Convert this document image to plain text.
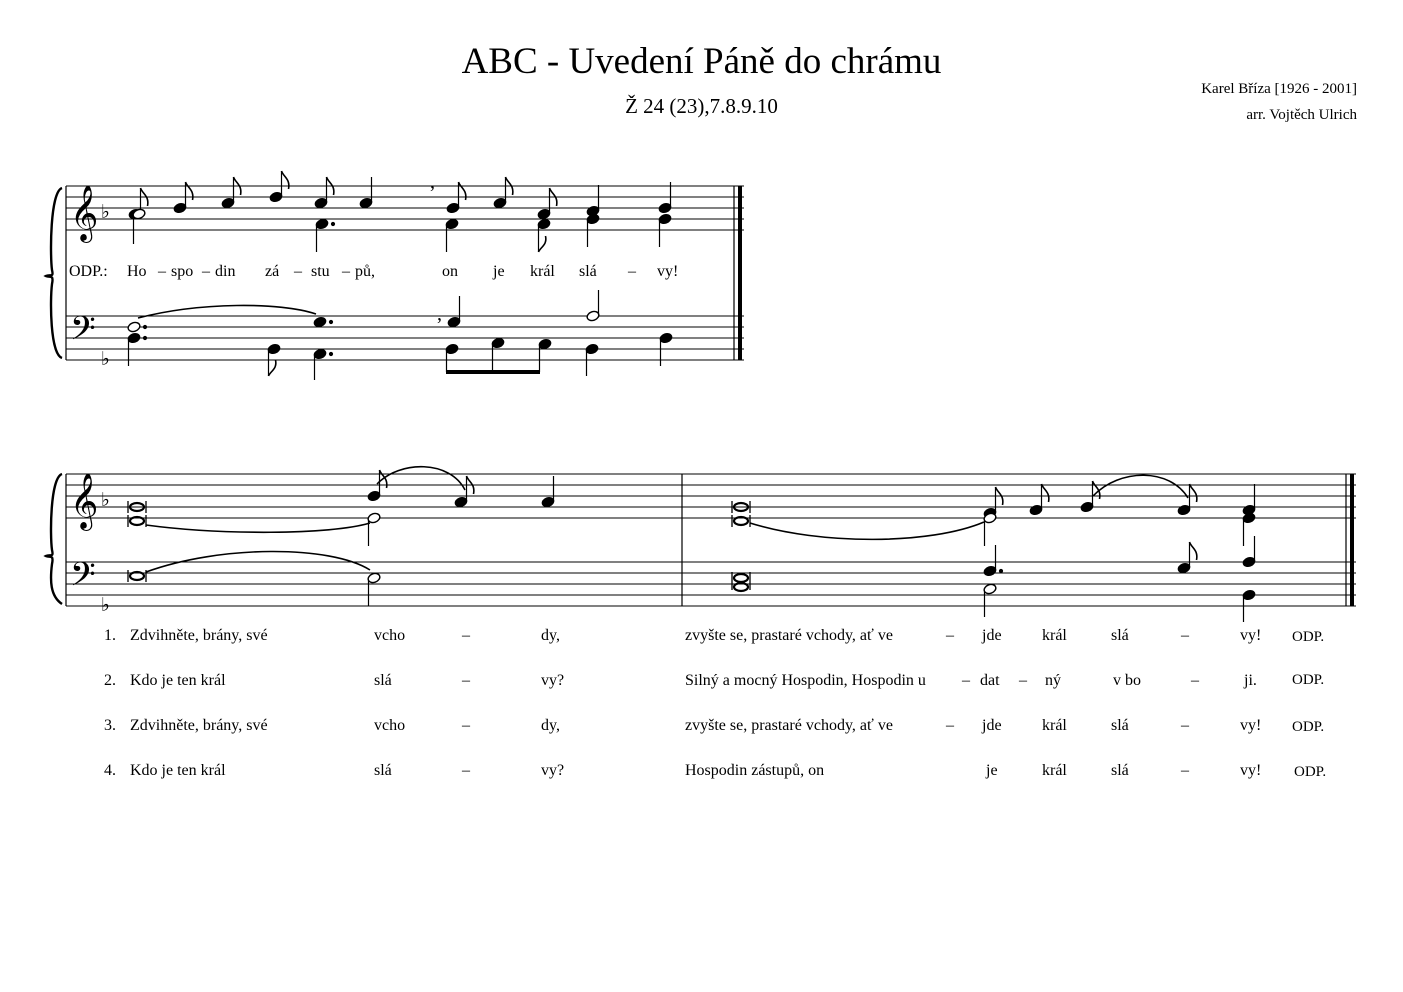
ABC - Uvedení Páně do chrámu
Ž 24 (23),7.8.9.10
Karel Bříza [1926 - 2001]
arr. Vojtěch Ulrich
𝄞 ♭
𝄢
♭
,
,
ODP.: Ho – spo – din zá – stu – pů,	on je král slá – vy!
𝄞 ♭
𝄢
♭
1. Zdvihněte, brány, své	vcho	–	dy,	zvyšte se, prastaré vchody, ať ve	– jde	král	slá	–	vy! ODP.
2. Kdo je ten král	slá	–	vy?	Silný a mocný Hospodin, Hospodin u – dat – ný	v bo	–	ji. ODP.
3. Zdvihněte, brány, své	vcho	–	dy,	zvyšte se, prastaré vchody, ať ve	– jde	král	slá	–	vy! ODP.
4. Kdo je ten král	slá	–	vy?	Hospodin zástupů, on	je	král	slá	–	vy! ODP.
